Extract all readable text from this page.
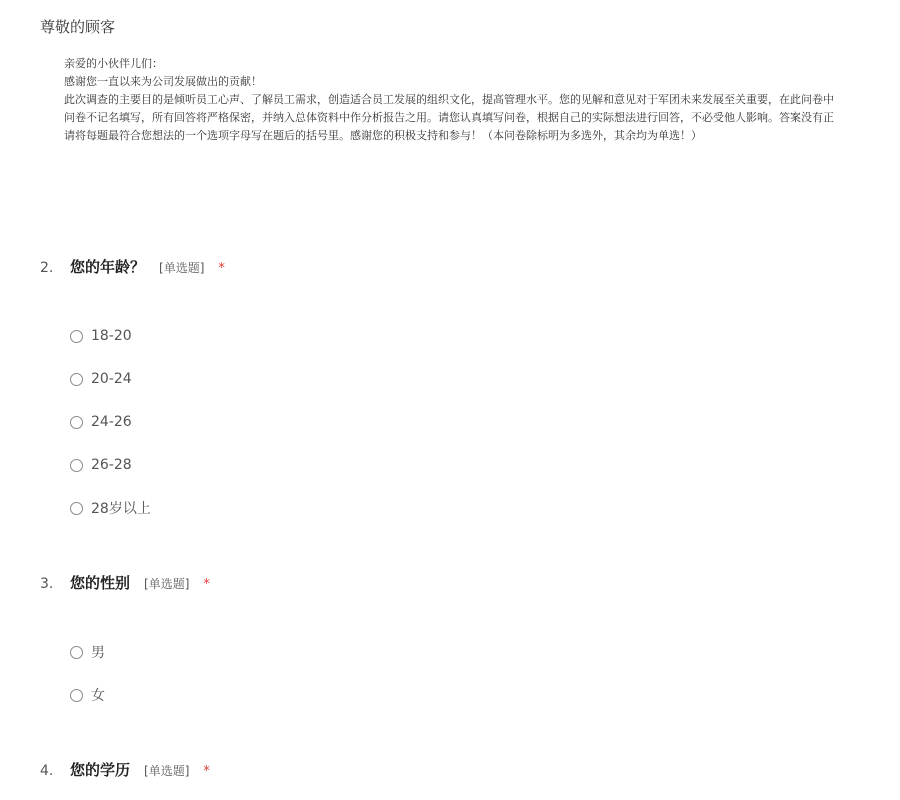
尊敬的顾客
亲爱的小伙伴儿们：
感谢您一直以来为公司发展做出的贡献！
此次调查的主要目的是倾听员工心声、了解员工需求，创造适合员工发展的组织文化，提高管理水平。您的见解和意见对于军团未来发展至关重要，在此问卷中
问卷不记名填写，所有回答将严格保密，并纳入总体资料中作分析报告之用。请您认真填写问卷，根据自己的实际想法进行回答，不必受他人影响。答案没有正
请将每题最符合您想法的一个选项字母写在题后的括号里。感谢您的积极支持和参与！（本问卷除标明为多选外，其余均为单选！）
2.	您的年龄？ [单选题] *
18-20
20-24
24-26
26-28
28岁以上
3.	您的性别 [单选题] *
男
女
4.	您的学历 [单选题] *
